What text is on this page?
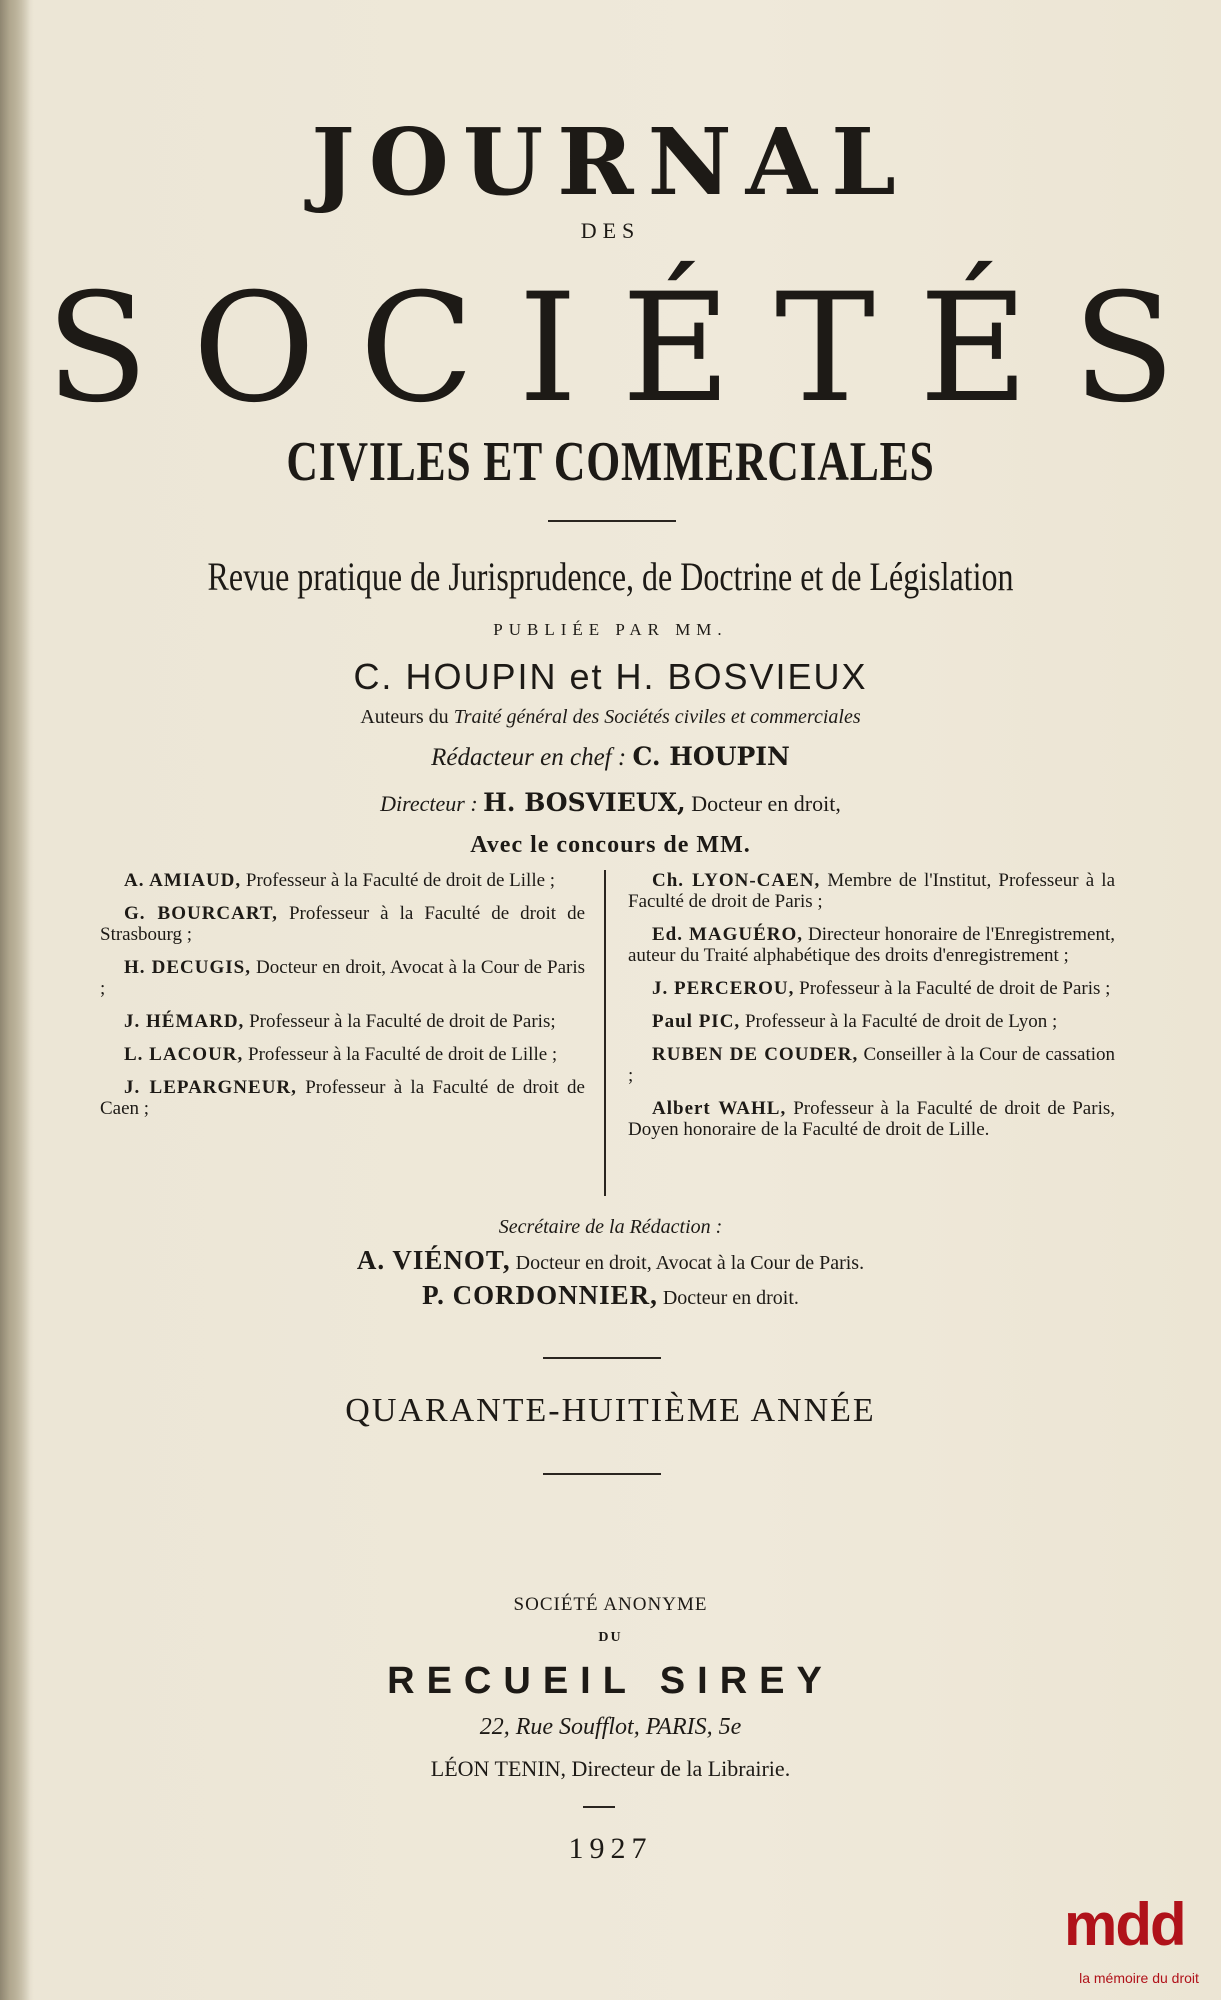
JOURNAL
DES
SOCIÉTÉS
CIVILES ET COMMERCIALES
Revue pratique de Jurisprudence, de Doctrine et de Législation
PUBLIÉE PAR MM.
C. HOUPIN et H. BOSVIEUX
Auteurs du Traité général des Sociétés civiles et commerciales
Rédacteur en chef : C. HOUPIN
Directeur : H. BOSVIEUX, Docteur en droit,
Avec le concours de MM.
A. AMIAUD, Professeur à la Faculté de droit de Lille ;
G. BOURCART, Professeur à la Faculté de droit de Strasbourg ;
H. DECUGIS, Docteur en droit, Avocat à la Cour de Paris ;
J. HÉMARD, Professeur à la Faculté de droit de Paris;
L. LACOUR, Professeur à la Faculté de droit de Lille ;
J. LEPARGNEUR, Professeur à la Faculté de droit de Caen ;
Ch. LYON-CAEN, Membre de l'Institut, Professeur à la Faculté de droit de Paris ;
Ed. MAGUÉRO, Directeur honoraire de l'Enregistrement, auteur du Traité alphabétique des droits d'enregistrement ;
J. PERCEROU, Professeur à la Faculté de droit de Paris ;
Paul PIC, Professeur à la Faculté de droit de Lyon ;
RUBEN DE COUDER, Conseiller à la Cour de cassation ;
Albert WAHL, Professeur à la Faculté de droit de Paris, Doyen honoraire de la Faculté de droit de Lille.
Secrétaire de la Rédaction :
A. VIÉNOT, Docteur en droit, Avocat à la Cour de Paris.
P. CORDONNIER, Docteur en droit.
QUARANTE-HUITIÈME ANNÉE
SOCIÉTÉ ANONYME
DU
RECUEIL SIREY
22, Rue Soufflot, PARIS, 5e
LÉON TENIN, Directeur de la Librairie.
1927
mdd
la mémoire du droit
